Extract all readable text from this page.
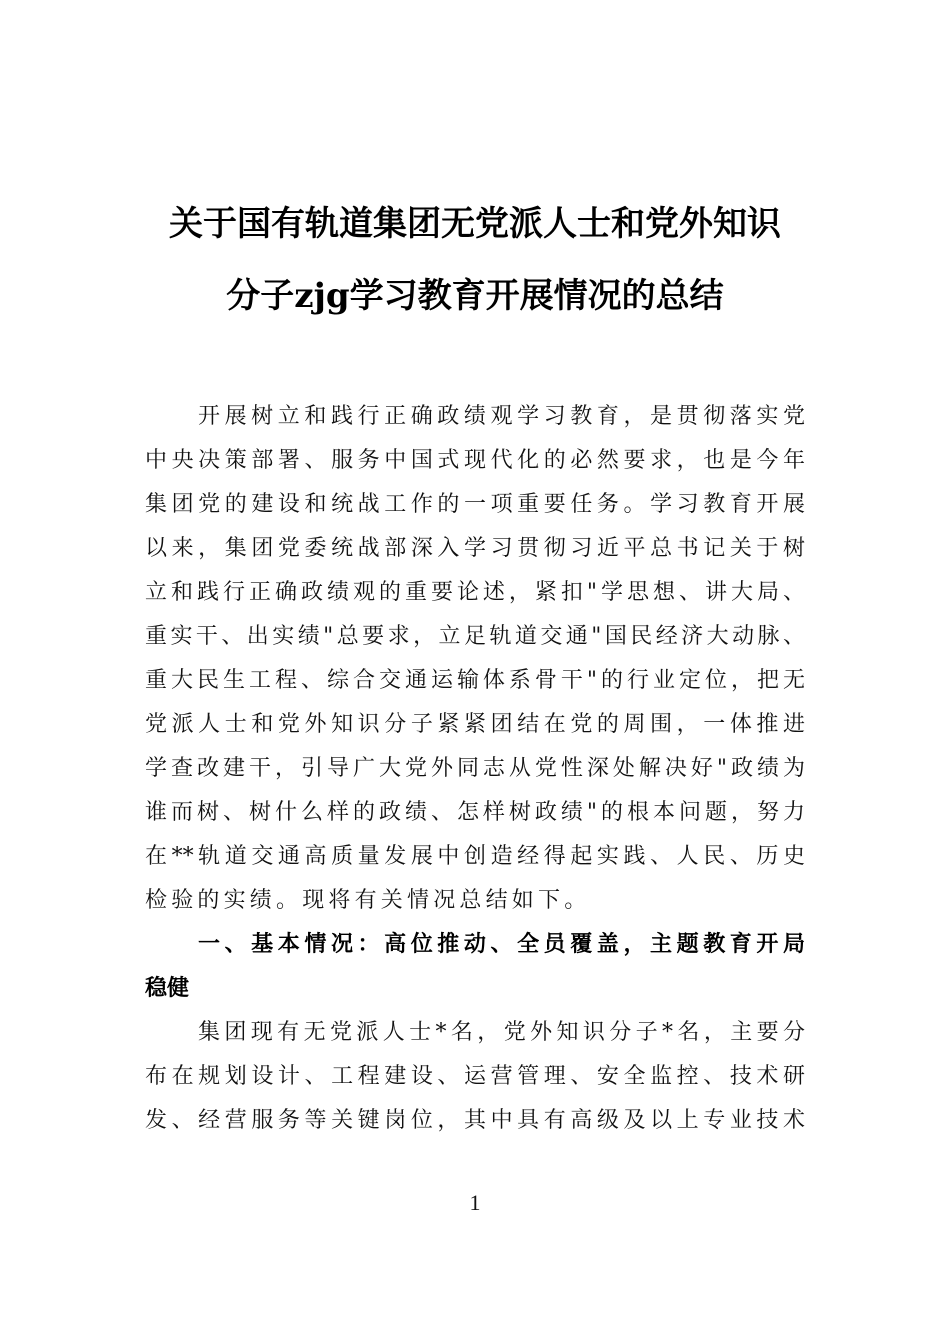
关于国有轨道集团无党派人士和党外知识
分子zjg学习教育开展情况的总结
开展树立和践行正确政绩观学习教育，是贯彻落实党
中央决策部署、服务中国式现代化的必然要求，也是今年
集团党的建设和统战工作的一项重要任务。学习教育开展
以来，集团党委统战部深入学习贯彻习近平总书记关于树
立和践行正确政绩观的重要论述，紧扣"学思想、讲大局、
重实干、出实绩"总要求，立足轨道交通"国民经济大动脉、
重大民生工程、综合交通运输体系骨干"的行业定位，把无
党派人士和党外知识分子紧紧团结在党的周围，一体推进
学查改建干，引导广大党外同志从党性深处解决好"政绩为
谁而树、树什么样的政绩、怎样树政绩"的根本问题，努力
在**轨道交通高质量发展中创造经得起实践、人民、历史
检验的实绩。现将有关情况总结如下。
一、基本情况：高位推动、全员覆盖，主题教育开局
稳健
集团现有无党派人士*名，党外知识分子*名，主要分
布在规划设计、工程建设、运营管理、安全监控、技术研
发、经营服务等关键岗位，其中具有高级及以上专业技术
1
